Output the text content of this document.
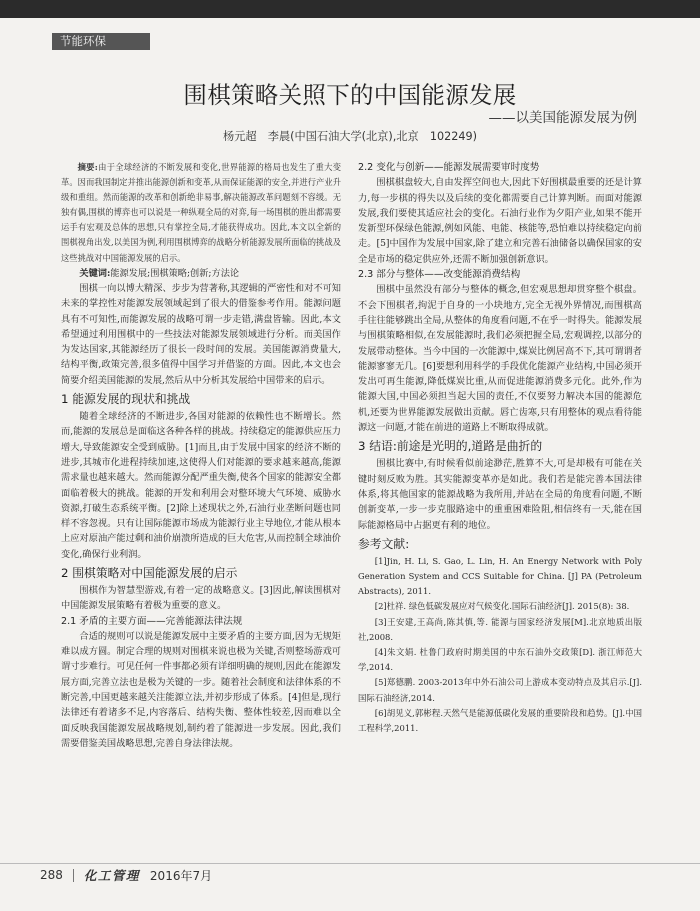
节能环保
围棋策略关照下的中国能源发展
——以美国能源发展为例
杨元超　李晨(中国石油大学(北京),北京　102249)

摘要:由于全球经济的不断发展和变化,世界能源的格局也发生了重大变革。因而我国制定并推出能源创新和变革,从而保证能源的安全,并进行产业升级和重组。然而能源的改革和创新绝非易事,解决能源改革问题刻不容缓。无独有偶,围棋的博弈也可以说是一种纵观全局的对弈,每一场围棋的胜出都需要运手有宏观及总体的思想,只有掌控全局,才能获得成功。因此,本文以全新的围棋视角出发,以美国为例,利用围棋博弈的战略分析能源发展所面临的挑战及这些挑战对中国能源发展的启示。

关键词:能源发展;围棋策略;创新;方法论

围棋一向以博大精深、步步为营著称,其逻辑的严密性和对不可知未来的掌控性对能源发展领域起到了很大的借鉴参考作用。能源问题具有不可知性,而能源发展的战略可谓一步走错,满盘皆输。因此,本文希望通过利用围棋中的一些技法对能源发展领域进行分析。而美国作为发达国家,其能源经历了很长一段时间的发展。美国能源消费量大,结构平衡,政策完善,很多值得中国学习并借鉴的方面。因此,本文也会简要介绍美国能源的发展,然后从中分析其发展给中国带来的启示。

1 能源发展的现状和挑战

随着全球经济的不断进步,各国对能源的依赖性也不断增长。然而,能源的发展总是面临这各种各样的挑战。持续稳定的能源供应压力增大,导致能源安全受到威胁。[1]而且,由于发展中国家的经济不断的进步,其城市化进程持续加速,这使得人们对能源的要求越来越高,能源需求量也越来越大。然而能源分配严重失衡,使各个国家的能源安全都面临着极大的挑战。能源的开发和利用会对整环境大气环境、威胁水资源,打破生态系统平衡。[2]除上述现状之外,石油行业垄断问题也同样不容忽视。只有让国际能源市场成为能源行业主导地位,才能从根本上应对原油产能过剩和油价崩溃所造成的巨大危害,从而控制全球油价变化,确保行业利润。

2 围棋策略对中国能源发展的启示

围棋作为智慧型游戏,有着一定的战略意义。[3]因此,解读围棋对中国能源发展策略有着极为重要的意义。

2.1 矛盾的主要方面——完善能源法律法规

合适的规则可以说是能源发展中主要矛盾的主要方面,因为无规矩难以成方圆。制定合理的规则对围棋来说也极为关键,否则整场游戏可谓寸步难行。可见任何一件事都必须有详细明确的规则,因此在能源发展方面,完善立法也是极为关键的一步。随着社会制度和法律体系的不断完善,中国更越来越关注能源立法,并初步形成了体系。[4]但是,现行法律还有着诸多不足,内容落后、结构失衡、整体性较差,因而难以全面反映我国能源发展战略规划,制约着了能源进一步发展。因此,我们需要借鉴美国战略思想,完善自身法律法规。

2.2 变化与创新——能源发展需要审时度势

围棋棋盘较大,自由发挥空间也大,因此下好围棋最重要的还是计算力,每一步棋的得失以及后续的变化都需要自己计算判断。而面对能源发展,我们要使其适应社会的变化。石油行业作为夕阳产业,如果不能开发新型环保绿色能源,例如风能、电能、核能等,恐怕难以持续稳定向前走。[5]中国作为发展中国家,除了建立和完善石油储备以确保国家的安全是市场的稳定供应外,还需不断加强创新意识。

2.3 部分与整体——改变能源消费结构

围棋中虽然没有部分与整体的概念,但宏观思想却贯穿整个棋盘。不会下围棋者,拘泥于自身的一小块地方,完全无视外界情况,而围棋高手往往能够跳出全局,从整体的角度看问题,不在乎一时得失。能源发展与围棋策略相似,在发展能源时,我们必须把握全局,宏观调控,以部分的发展带动整体。当今中国的一次能源中,煤炭比例居高不下,其可谓谓者能源寥寥无几。[6]要想利用科学的手段优化能源产业结构,中国必须开发出可再生能源,降低煤炭比重,从而促进能源消费多元化。此外,作为能源大国,中国必须担当起大国的责任,不仅要努力解决本国的能源危机,还要为世界能源发展做出贡献。唇亡齿寒,只有用整体的观点看待能源这一问题,才能在前进的道路上不断取得成就。

3 结语:前途是光明的,道路是曲折的

围棋比赛中,有时候看似前途渺茫,胜算不大,可是却极有可能在关键时刻反败为胜。其实能源变革亦是如此。我们若是能完善本国法律体系,将其他国家的能源战略为我所用,并站在全局的角度看问题,不断创新变革,一步一步克服路途中的重重困难险阻,相信终有一天,能在国际能源格局中占据更有利的地位。

参考文献:

[1]Jin, H. Li, S. Gao, L. Lin, H. An Energy Network with Poly Generation System and CCS Suitable for China. [J] PA (Petroleum Abstracts), 2011.

[2]杜祥. 绿色低碳发展应对气候变化.国际石油经济[J]. 2015(8): 38.

[3]王安建,王高尚,陈其慎,等. 能源与国家经济发展[M].北京地质出版社,2008.

[4]朱文娟. 杜鲁门政府时期美国的中东石油外交政策[D]. 浙江师范大学,2014.

[5]郑德鹏. 2003-2013年中外石油公司上游成本变动特点及其启示.[J].国际石油经济,2014.

[6]胡见义,郭彬程.天然气是能源低碳化发展的重要阶段和趋势。[J].中国工程科学,2011.

288 化工管理 2016年7月
